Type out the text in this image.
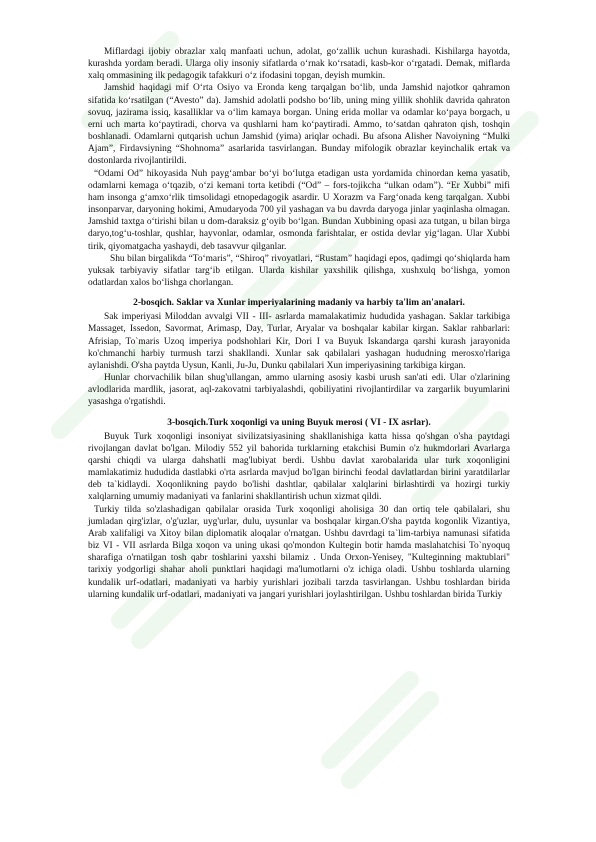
Miflardagi ijobiy obrazlar xalq manfaati uchun, adolat, go‘zallik uchun kurashadi. Kishilarga hayotda, kurashda yordam beradi. Ularga oliy insoniy sifatlarda o‘rnak ko‘rsatadi, kasb-kor o‘rgatadi. Demak, miflarda xalq ommasining ilk pedagogik tafakkuri o‘z ifodasini topgan, deyish mumkin.

Jamshid haqidagi mif O‘rta Osiyo va Eronda keng tarqalgan bo‘lib, unda Jamshid najotkor qahramon sifatida ko‘rsatilgan (“Avesto” da). Jamshid adolatli podsho bo‘lib, uning ming yillik shohlik davrida qahraton sovuq, jazirama issiq, kasalliklar va o‘lim kamaya borgan. Uning erida mollar va odamlar ko‘paya borgach, u erni uch marta ko‘paytiradi, chorva va qushlarni ham ko‘paytiradi. Ammo, to‘satdan qahraton qish, toshqin boshlanadi. Odamlarni qutqarish uchun Jamshid (yima) ariqlar ochadi. Bu afsona Alisher Navoiyning “Mulki Ajam”, Firdavsiyning “Shohnoma” asarlarida tasvirlangan. Bunday mifologik obrazlar keyinchalik ertak va dostonlarda rivojlantirildi.

“Odami Od” hikoyasida Nuh payg‘ambar bo‘yi bo‘lutga etadigan usta yordamida chinordan kema yasatib, odamlarni kemaga o‘tqazib, o‘zi kemani torta ketibdi (“Od” – fors-tojikcha “ulkan odam”). “Er Xubbi” mifi ham insonga g‘amxo‘rlik timsolidagi etnopedagogik asardir. U Xorazm va Farg‘onada keng tarqalgan. Xubbi insonparvar, daryoning hokimi, Amudaryoda 700 yil yashagan va bu davrda daryoga jinlar yaqinlasha olmagan. Jamshid taxtga o‘tirishi bilan u dom-daraksiz g‘oyib bo‘lgan. Bundan Xubbining opasi aza tutgan, u bilan birga daryo,tog‘u-toshlar, qushlar, hayvonlar, odamlar, osmonda farishtalar, er ostida devlar yig‘lagan. Ular Xubbi tirik, qiyomatgacha yashaydi, deb tasavvur qilganlar.

Shu bilan birgalikda “To‘maris”, “Shiroq” rivoyatlari, “Rustam” haqidagi epos, qadimgi qo‘shiqlarda ham yuksak tarbiyaviy sifatlar targ‘ib etilgan. Ularda kishilar yaxshilik qilishga, xushxulq bo‘lishga, yomon odatlardan xalos bo‘lishga chorlangan.

2-bosqich. Saklar va Xunlar imperiyalarining madaniy va harbiy ta'lim an'analari.

Sak imperiyasi Miloddan avvalgi VII - III- asrlarda mamalakatimiz hududida yashagan. Saklar tarkibiga Massaget, Issedon, Savormat, Arimasp, Day, Turlar, Aryalar va boshqalar kabilar kirgan. Saklar rahbarlari: Afrisiap, To`maris Uzoq imperiya podshohlari Kir, Dori I va Buyuk Iskandarga qarshi kurash jarayonida ko'chmanchi harbiy turmush tarzi shakllandi. Xunlar sak qabilalari yashagan hududning merosxo'rlariga aylanishdi. O'sha paytda Uysun, Kanli, Ju-Ju, Dunku qabilalari Xun imperiyasining tarkibiga kirgan.

Hunlar chorvachilik bilan shug'ullangan, ammo ularning asosiy kasbi urush san'ati edi. Ular o'zlarining avlodlarida mardlik, jasorat, aql-zakovatni tarbiyalashdi, qobiliyatini rivojlantirdilar va zargarlik buyumlarini yasashga o'rgatishdi.

3-bosqich.Turk xoqonligi va uning Buyuk merosi ( VI - IX asrlar).

Buyuk Turk xoqonligi insoniyat sivilizatsiyasining shakllanishiga katta hissa qo'shgan o'sha paytdagi rivojlangan davlat bo'lgan. Milodiy 552 yil bahorida turklarning etakchisi Bumin o'z hukmdorlari Avarlarga qarshi chiqdi va ularga dahshatli mag'lubiyat berdi. Ushbu davlat xarobalarida ular turk xoqonligini mamlakatimiz hududida dastlabki o'rta asrlarda mavjud bo'lgan birinchi feodal davlatlardan birini yaratdilarlar deb ta`kidlaydi. Xoqonlikning paydo bo'lishi dashtlar, qabilalar xalqlarini birlashtirdi va hozirgi turkiy xalqlarning umumiy madaniyati va fanlarini shakllantirish uchun xizmat qildi.

Turkiy tilda so'zlashadigan qabilalar orasida Turk xoqonligi aholisiga 30 dan ortiq tele qabilalari, shu jumladan qirg'izlar, o'g'uzlar, uyg'urlar, dulu, uysunlar va boshqalar kirgan.O'sha paytda kogonlik Vizantiya, Arab xalifaligi va Xitoy bilan diplomatik aloqalar o'rnatgan. Ushbu davrdagi ta`lim-tarbiya namunasi sifatida biz VI - VII asrlarda Bilga xoqon va uning ukasi qo'mondon Kultegin botir hamda maslahatchisi To`nyoquq sharafiga o'rnatilgan tosh qabr toshlarini yaxshi bilamiz . Unda Orxon-Yenisey, "Kulteginning maktublari" tarixiy yodgorligi shahar aholi punktlari haqidagi ma'lumotlarni o'z ichiga oladi. Ushbu toshlarda ularning kundalik urf-odatlari, madaniyati va harbiy yurishlari jozibali tarzda tasvirlangan. Ushbu toshlardan birida ularning kundalik urf-odatlari, madaniyati va jangari yurishlari joylashtirilgan. Ushbu toshlardan birida Turkiy
